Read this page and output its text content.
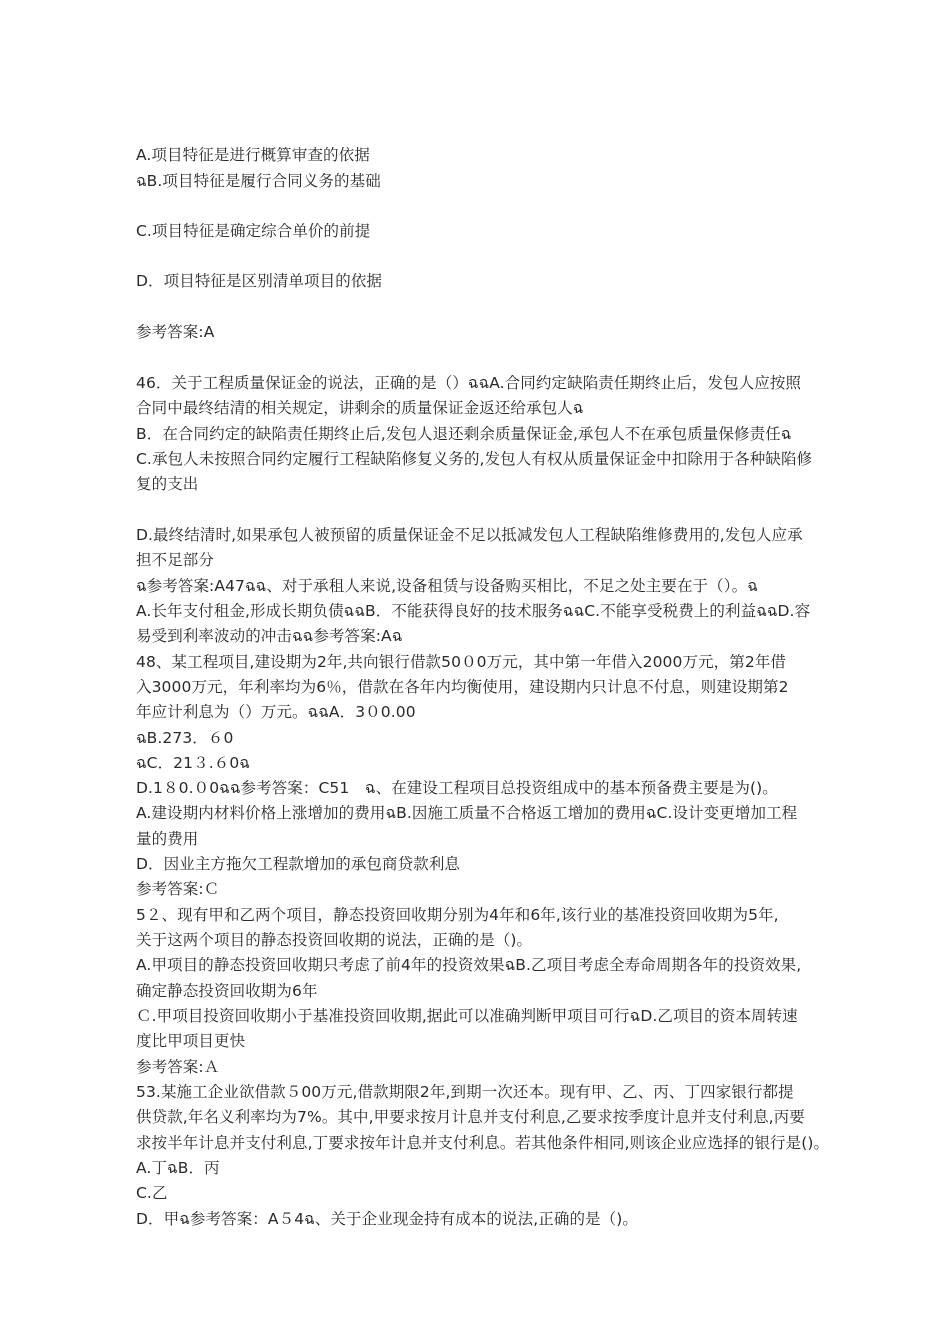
A.项目特征是进行概算审查的依据
ฉB.项目特征是履行合同义务的基础
C.项目特征是确定综合单价的前提
D．项目特征是区别清单项目的依据
参考答案:A
46．关于工程质量保证金的说法，正确的是（）ฉฉA.合同约定缺陷责任期终止后，发包人应按照
合同中最终结清的相关规定，讲剩余的质量保证金返还给承包人ฉ
B．在合同约定的缺陷责任期终止后,发包人退还剩余质量保证金,承包人不在承包质量保修责任ฉ
C.承包人未按照合同约定履行工程缺陷修复义务的,发包人有权从质量保证金中扣除用于各种缺陷修
复的支出
D.最终结清时,如果承包人被预留的质量保证金不足以抵减发包人工程缺陷维修费用的,发包人应承
担不足部分
ฉ参考答案:A47ฉฉ、对于承租人来说,设备租赁与设备购买相比，不足之处主要在于（）。ฉ
A.长年支付租金,形成长期负债ฉฉB．不能获得良好的技术服务ฉฉC.不能享受税费上的利益ฉฉD.容
易受到利率波动的冲击ฉฉ参考答案:Aฉ
48、某工程项目,建设期为2年,共向银行借款50０0万元，其中第一年借入2000万元，第2年借
入3000万元，年利率均为6％，借款在各年内均衡使用，建设期内只计息不付息，则建设期第2
年应计利息为（）万元。ฉฉA．3０0.00
ฉB.273．６0
ฉC．21３.６0ฉ
D.1８0.０0ฉฉ参考答案：C51　ฉ、在建设工程项目总投资组成中的基本预备费主要是为()。
A.建设期内材料价格上涨增加的费用ฉB.因施工质量不合格返工增加的费用ฉC.设计变更增加工程
量的费用
D．因业主方拖欠工程款增加的承包商贷款利息
参考答案:Ｃ
5２、现有甲和乙两个项目，静态投资回收期分别为4年和6年,该行业的基准投资回收期为5年,
关于这两个项目的静态投资回收期的说法，正确的是（)。
A.甲项目的静态投资回收期只考虑了前4年的投资效果ฉB.乙项目考虑全寿命周期各年的投资效果,
确定静态投资回收期为6年
Ｃ.甲项目投资回收期小于基准投资回收期,据此可以准确判断甲项目可行ฉD.乙项目的资本周转速
度比甲项目更快
参考答案:Ａ
53.某施工企业欲借款５00万元,借款期限2年,到期一次还本。现有甲、乙、丙、丁四家银行都提
供贷款,年名义利率均为7%。其中,甲要求按月计息并支付利息,乙要求按季度计息并支付利息,丙要
求按半年计息并支付利息,丁要求按年计息并支付利息。若其他条件相同,则该企业应选择的银行是()。
A.丁ฉB．丙
C.乙
D．甲ฉ参考答案：A５4ฉ、关于企业现金持有成本的说法,正确的是（)。
